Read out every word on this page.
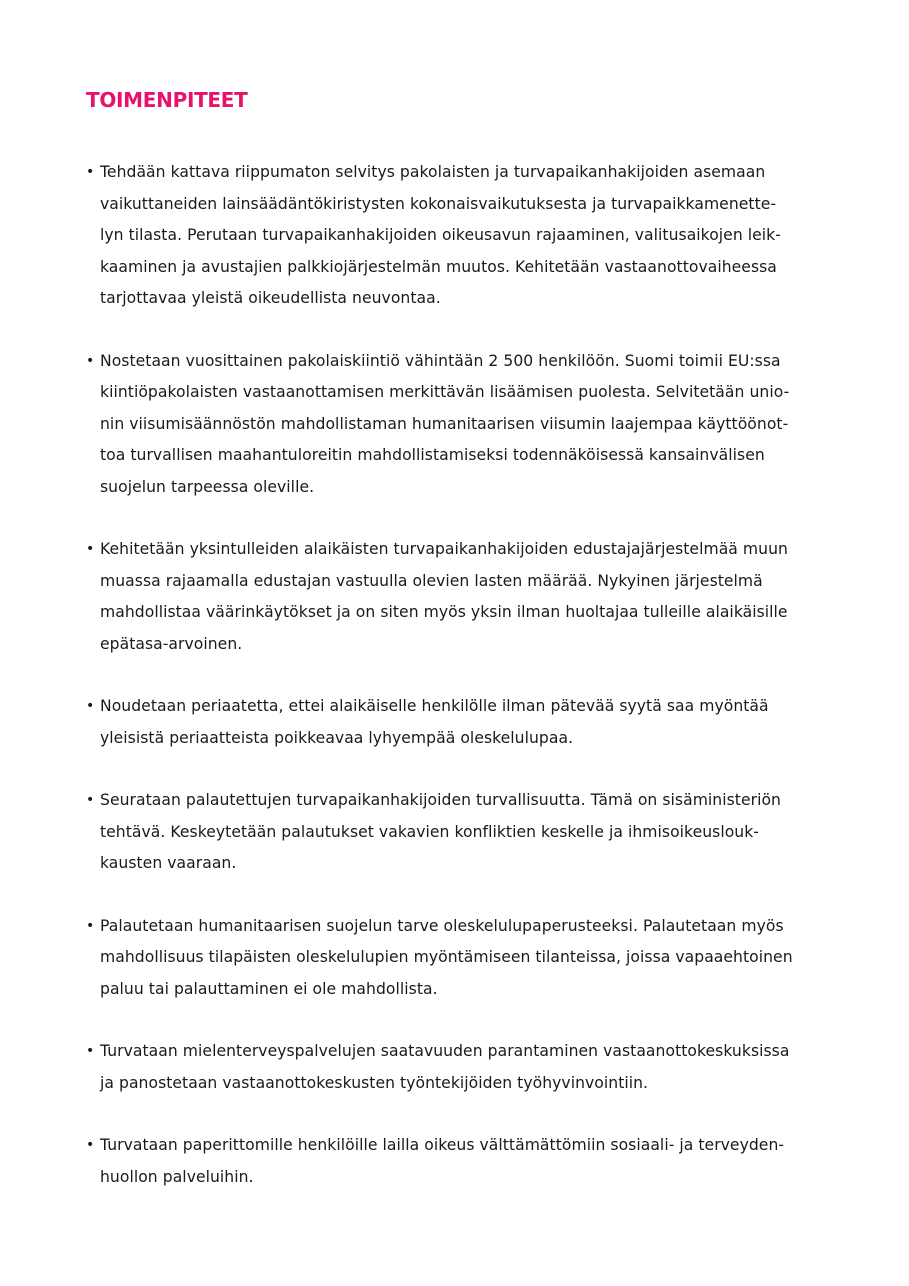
TOIMENPITEET
• Tehdään kattava riippumaton selvitys pakolaisten ja turvapaikanhakijoiden asemaan
vaikuttaneiden lainsäädäntökiristysten kokonaisvaikutuksesta ja turvapaikkamenette-
lyn tilasta. Perutaan turvapaikanhakijoiden oikeusavun rajaaminen, valitusaikojen leik-
kaaminen ja avustajien palkkiojärjestelmän muutos. Kehitetään vastaanottovaiheessa
tarjottavaa yleistä oikeudellista neuvontaa.
• Nostetaan vuosittainen pakolaiskiintiö vähintään 2 500 henkilöön. Suomi toimii EU:ssa
kiintiöpakolaisten vastaanottamisen merkittävän lisäämisen puolesta. Selvitetään unio-
nin viisumisäännöstön mahdollistaman humanitaarisen viisumin laajempaa käyttöönot-
toa turvallisen maahantuloreitin mahdollistamiseksi todennäköisessä kansainvälisen
suojelun tarpeessa oleville.
• Kehitetään yksintulleiden alaikäisten turvapaikanhakijoiden edustajajärjestelmää muun
muassa rajaamalla edustajan vastuulla olevien lasten määrää. Nykyinen järjestelmä
mahdollistaa väärinkäytökset ja on siten myös yksin ilman huoltajaa tulleille alaikäisille
epätasa-arvoinen.
• Noudetaan periaatetta, ettei alaikäiselle henkilölle ilman pätevää syytä saa myöntää
yleisistä periaatteista poikkeavaa lyhyempää oleskelulupaa.
• Seurataan palautettujen turvapaikanhakijoiden turvallisuutta. Tämä on sisäministeriön
tehtävä. Keskeytetään palautukset vakavien konfliktien keskelle ja ihmisoikeuslouk-
kausten vaaraan.
• Palautetaan humanitaarisen suojelun tarve oleskelulupaperusteeksi. Palautetaan myös
mahdollisuus tilapäisten oleskelulupien myöntämiseen tilanteissa, joissa vapaaehtoinen
paluu tai palauttaminen ei ole mahdollista.
• Turvataan mielenterveyspalvelujen saatavuuden parantaminen vastaanottokeskuksissa
ja panostetaan vastaanottokeskusten työntekijöiden työhyvinvointiin.
• Turvataan paperittomille henkilöille lailla oikeus välttämättömiin sosiaali- ja terveyden-
huollon palveluihin.
